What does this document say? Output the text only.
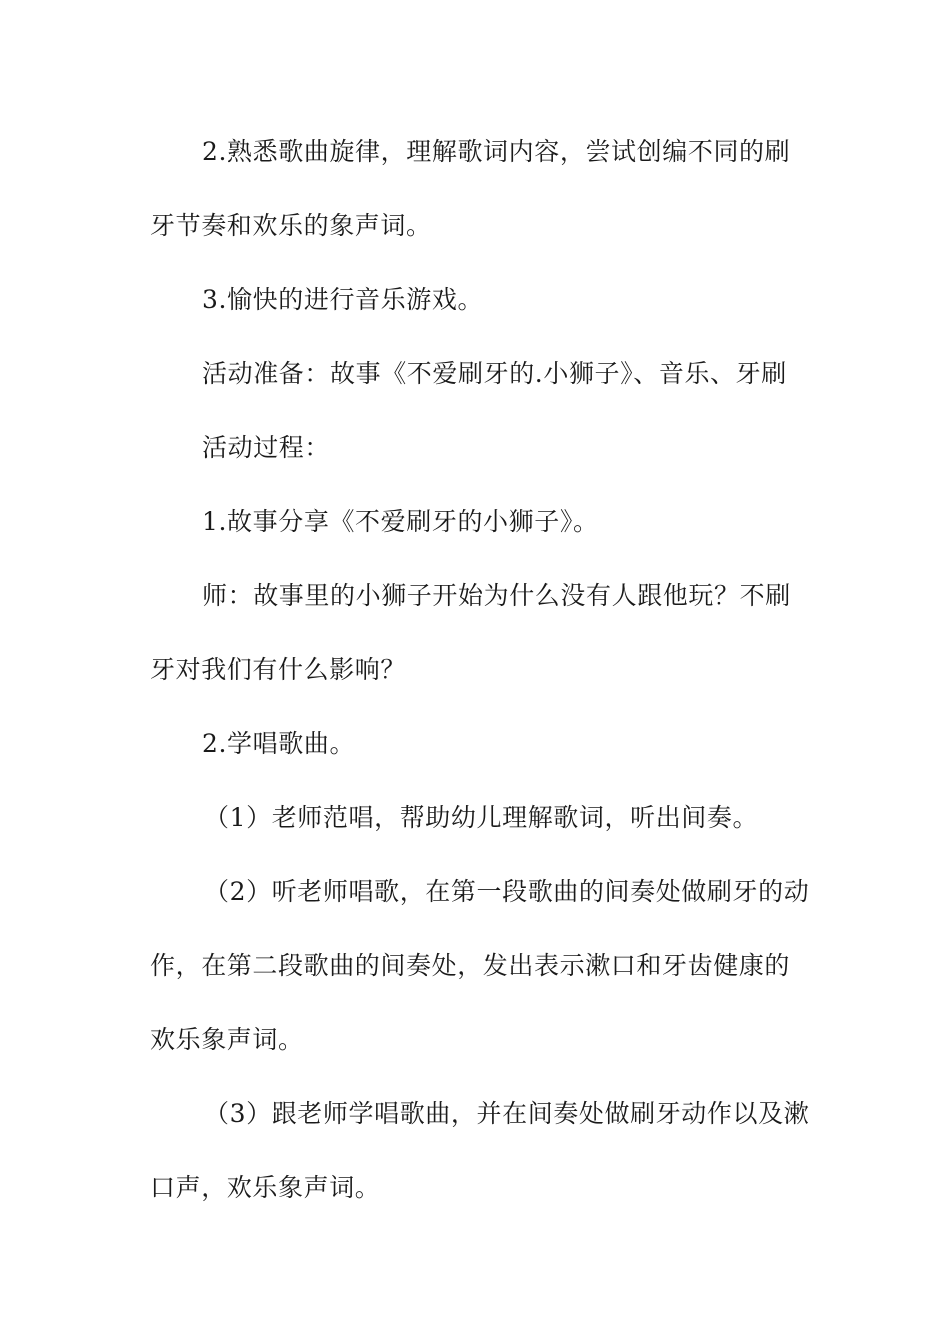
2.熟悉歌曲旋律，理解歌词内容，尝试创编不同的刷
牙节奏和欢乐的象声词。
3.愉快的进行音乐游戏。
活动准备：故事《不爱刷牙的.小狮子》、音乐、牙刷
活动过程：
1.故事分享《不爱刷牙的小狮子》。
师：故事里的小狮子开始为什么没有人跟他玩？不刷
牙对我们有什么影响？
2.学唱歌曲。
（1）老师范唱，帮助幼儿理解歌词，听出间奏。
（2）听老师唱歌，在第一段歌曲的间奏处做刷牙的动
作，在第二段歌曲的间奏处，发出表示漱口和牙齿健康的
欢乐象声词。
（3）跟老师学唱歌曲，并在间奏处做刷牙动作以及漱
口声，欢乐象声词。
